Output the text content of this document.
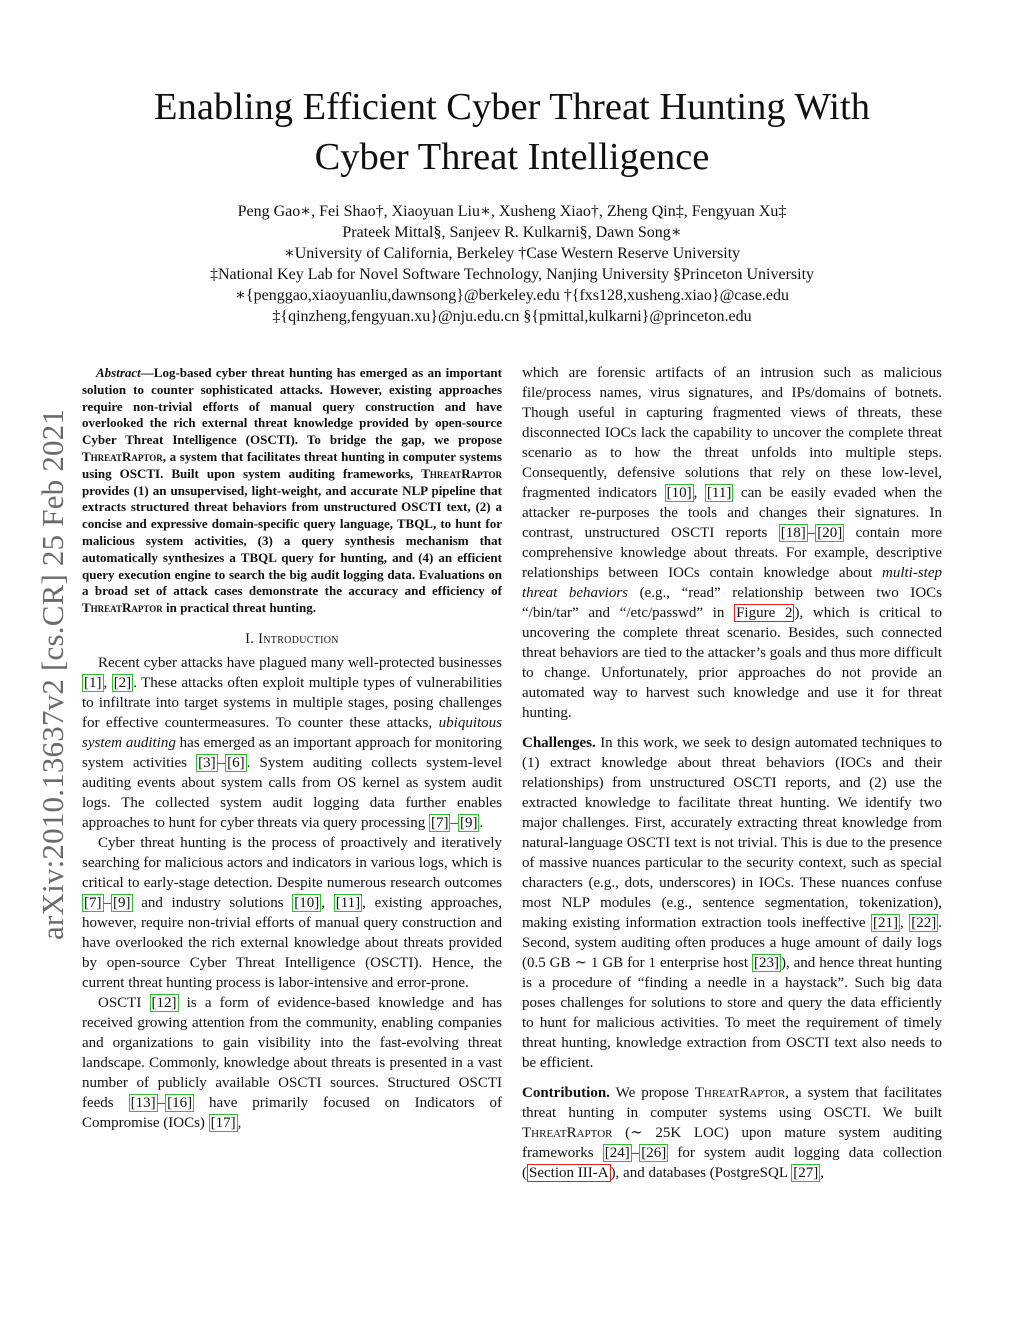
Enabling Efficient Cyber Threat Hunting With
Cyber Threat Intelligence
Peng Gao∗, Fei Shao†, Xiaoyuan Liu∗, Xusheng Xiao†, Zheng Qin‡, Fengyuan Xu‡
Prateek Mittal§, Sanjeev R. Kulkarni§, Dawn Song∗
∗University of California, Berkeley †Case Western Reserve University
‡National Key Lab for Novel Software Technology, Nanjing University §Princeton University
∗{penggao,xiaoyuanliu,dawnsong}@berkeley.edu †{fxs128,xusheng.xiao}@case.edu
‡{qinzheng,fengyuan.xu}@nju.edu.cn §{pmittal,kulkarni}@princeton.edu
arXiv:2010.13637v2 [cs.CR] 25 Feb 2021

Abstract—Log-based cyber threat hunting has emerged as an important solution to counter sophisticated attacks. However, existing approaches require non-trivial efforts of manual query construction and have overlooked the rich external threat knowledge provided by open-source Cyber Threat Intelligence (OSCTI). To bridge the gap, we propose ThreatRaptor, a system that facilitates threat hunting in computer systems using OSCTI. Built upon system auditing frameworks, ThreatRaptor provides (1) an unsupervised, light-weight, and accurate NLP pipeline that extracts structured threat behaviors from unstructured OSCTI text, (2) a concise and expressive domain-specific query language, TBQL, to hunt for malicious system activities, (3) a query synthesis mechanism that automatically synthesizes a TBQL query for hunting, and (4) an efficient query execution engine to search the big audit logging data. Evaluations on a broad set of attack cases demonstrate the accuracy and efficiency of ThreatRaptor in practical threat hunting.

I. Introduction

Recent cyber attacks have plagued many well-protected businesses [1] , [2] . These attacks often exploit multiple types of vulnerabilities to infiltrate into target systems in multiple stages, posing challenges for effective countermeasures. To counter these attacks, ubiquitous system auditing has emerged as an important approach for monitoring system activities [3] – [6] . System auditing collects system-level auditing events about system calls from OS kernel as system audit logs. The collected system audit logging data further enables approaches to hunt for cyber threats via query processing [7] – [9] .

Cyber threat hunting is the process of proactively and iteratively searching for malicious actors and indicators in various logs, which is critical to early-stage detection. Despite numerous research outcomes [7] – [9] and industry solutions [10] , [11] , existing approaches, however, require non-trivial efforts of manual query construction and have overlooked the rich external knowledge about threats provided by open-source Cyber Threat Intelligence (OSCTI). Hence, the current threat hunting process is labor-intensive and error-prone.

OSCTI [12] is a form of evidence-based knowledge and has received growing attention from the community, enabling companies and organizations to gain visibility into the fast-evolving threat landscape. Commonly, knowledge about threats is presented in a vast number of publicly available OSCTI sources. Structured OSCTI feeds [13] – [16] have primarily focused on Indicators of Compromise (IOCs) [17] ,

which are forensic artifacts of an intrusion such as malicious file/process names, virus signatures, and IPs/domains of botnets. Though useful in capturing fragmented views of threats, these disconnected IOCs lack the capability to uncover the complete threat scenario as to how the threat unfolds into multiple steps. Consequently, defensive solutions that rely on these low-level, fragmented indicators [10] , [11] can be easily evaded when the attacker re-purposes the tools and changes their signatures. In contrast, unstructured OSCTI reports [18] – [20] contain more comprehensive knowledge about threats. For example, descriptive relationships between IOCs contain knowledge about multi-step threat behaviors (e.g., “read” relationship between two IOCs “/bin/tar” and “/etc/passwd” in Figure 2 ), which is critical to uncovering the complete threat scenario. Besides, such connected threat behaviors are tied to the attacker’s goals and thus more difficult to change. Unfortunately, prior approaches do not provide an automated way to harvest such knowledge and use it for threat hunting.

Challenges. In this work, we seek to design automated techniques to (1) extract knowledge about threat behaviors (IOCs and their relationships) from unstructured OSCTI reports, and (2) use the extracted knowledge to facilitate threat hunting. We identify two major challenges. First, accurately extracting threat knowledge from natural-language OSCTI text is not trivial. This is due to the presence of massive nuances particular to the security context, such as special characters (e.g., dots, underscores) in IOCs. These nuances confuse most NLP modules (e.g., sentence segmentation, tokenization), making existing information extraction tools ineffective [21] , [22] . Second, system auditing often produces a huge amount of daily logs (0.5 GB ∼ 1 GB for 1 enterprise host [23] ), and hence threat hunting is a procedure of “finding a needle in a haystack”. Such big data poses challenges for solutions to store and query the data efficiently to hunt for malicious activities. To meet the requirement of timely threat hunting, knowledge extraction from OSCTI text also needs to be efficient.

Contribution. We propose ThreatRaptor, a system that facilitates threat hunting in computer systems using OSCTI. We built ThreatRaptor (∼ 25K LOC) upon mature system auditing frameworks [24] – [26] for system audit logging data collection ( Section III-A ), and databases (PostgreSQL [27] ,
